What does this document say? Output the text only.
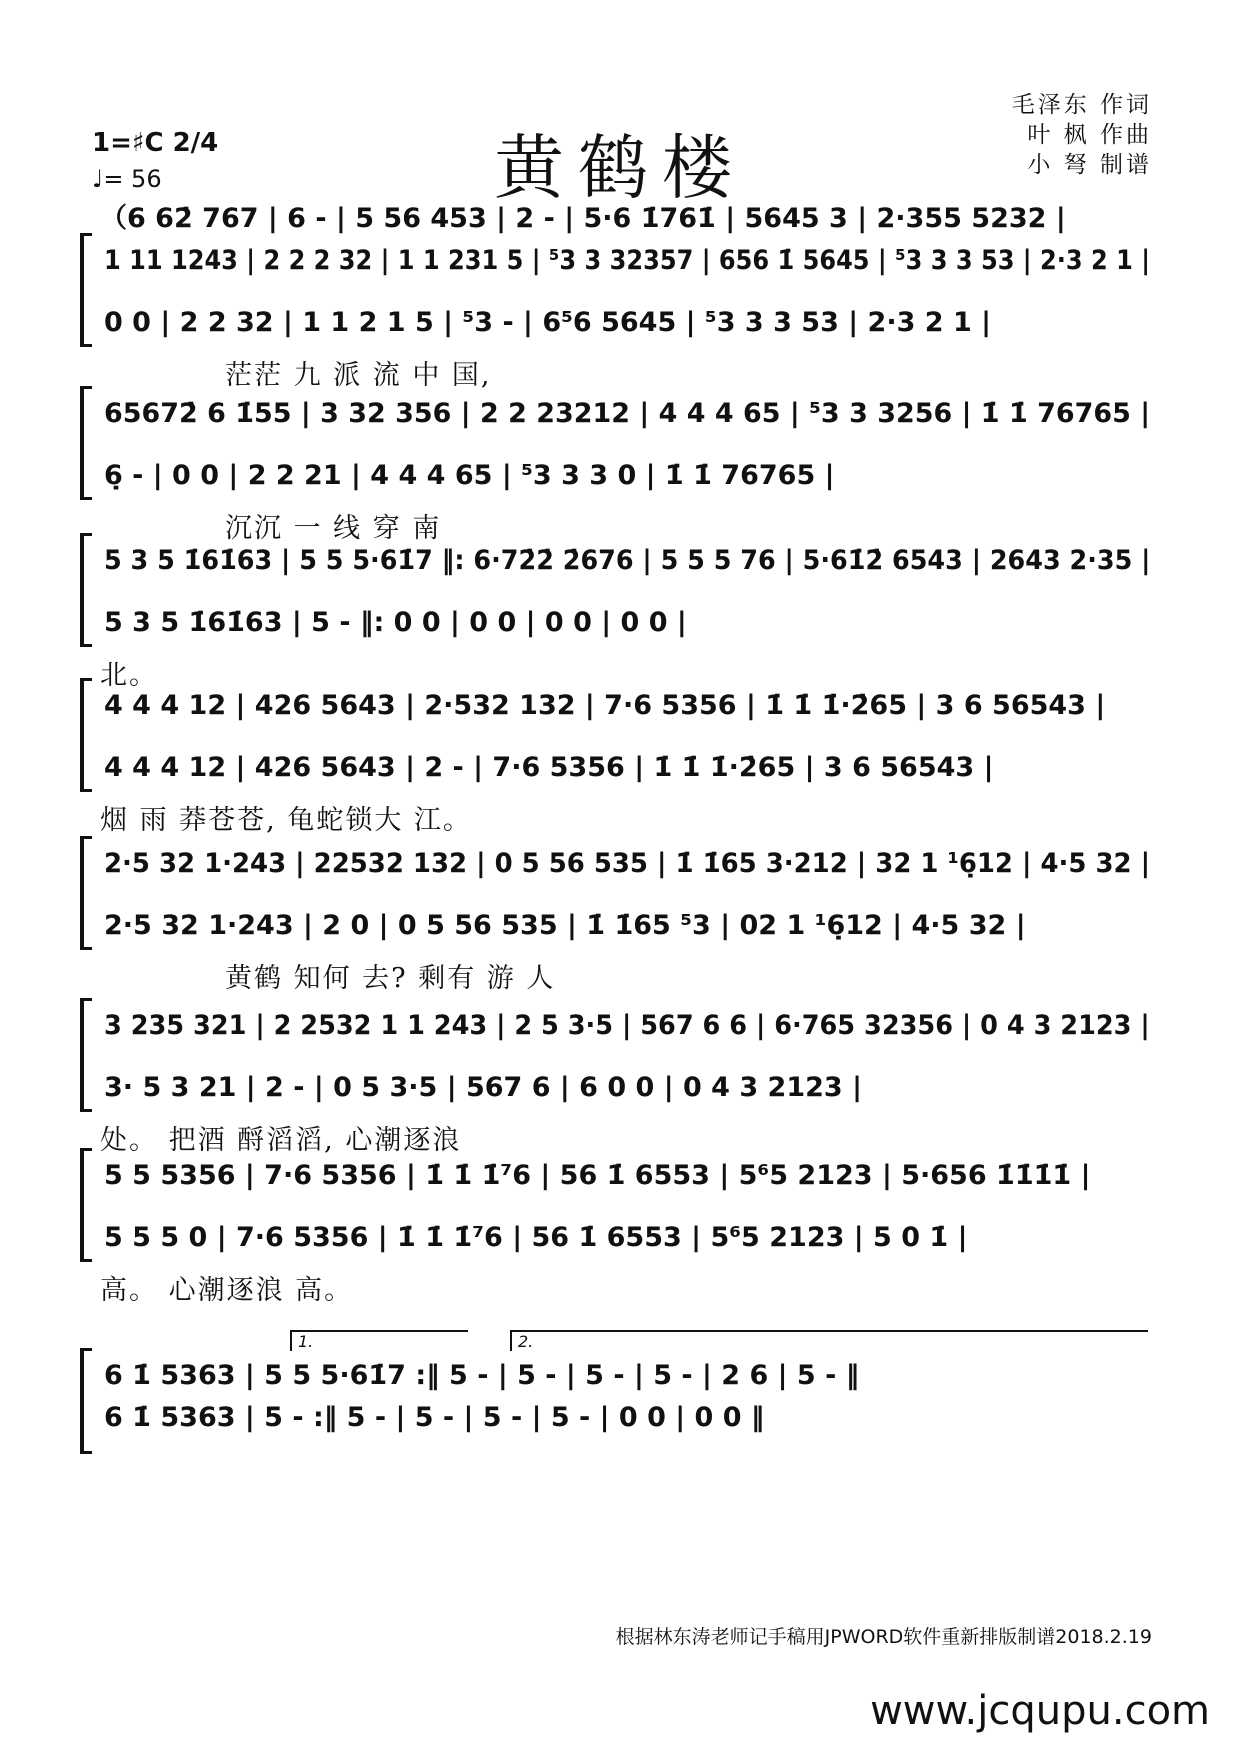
黄鹤楼
毛泽东 作词
叶 枫 作曲
小 弩 制谱
1=♯C 2/4
♩= 56
（6 62̇ 767 | 6 - | 5 56 453 | 2 - | 5·6 1̇761̇ | 5645 3 | 2·355 5232 |
1 11 1243 | 2 2 2 32 | 1 1 231 5 | ⁵3 3 32357 | 656 1̇ 5645 | ⁵3 3 3 53 | 2·3 2 1 |
0 0 | 2 2 32 | 1 1 2 1 5 | ⁵3 - | 6⁵6 5645 | ⁵3 3 3 53 | 2·3 2 1 |
茫茫 九 派 流 中 国,
65672̇ 6 1̇55 | 3 32 356 | 2 2 23212 | 4 4 4 65 | ⁵3 3 3256 | 1̇ 1̇ 76765 |
6̣ - | 0 0 | 2 2 21 | 4 4 4 65 | ⁵3 3 3 0 | 1̇ 1̇ 76765 |
沉沉 一 线 穿 南
5 3 5 1̇61̇63 | 5 5 5·61̇7 ‖: 6·72̇2̇ 2̇676 | 5 5 5 76 | 5·61̇2̇ 6543 | 2643 2·35 |
5 3 5 1̇61̇63 | 5 - ‖: 0 0 | 0 0 | 0 0 | 0 0 |
北。
4 4 4 12 | 426 5643 | 2·532 132 | 7·6 5356 | 1̇ 1̇ 1̇·2̇65 | 3 6 56543 |
4 4 4 12 | 426 5643 | 2 - | 7·6 5356 | 1̇ 1̇ 1̇·2̇65 | 3 6 56543 |
烟 雨 莽苍苍, 龟蛇锁大 江。
2·5 32 1·243 | 22532 132 | 0 5 56 535 | 1̇ 1̇65 3·212 | 32 1 ¹6̣12 | 4·5 32 |
2·5 32 1·243 | 2 0 | 0 5 56 535 | 1̇ 1̇65 ⁵3 | 02 1 ¹6̣12 | 4·5 32 |
黄鹤 知何 去? 剩有 游 人
3 235 321 | 2 2532 1 1 243 | 2 5 3·5 | 567 6 6 | 6·765 32356 | 0 4 3 2123 |
3· 5 3 21 | 2 - | 0 5 3·5 | 567 6 | 6 0 0 | 0 4 3 2123 |
处。 把酒 酹滔滔, 心潮逐浪
5 5 5356 | 7·6 5356 | 1̇ 1̇ 1̇⁷6 | 56 1̇ 6553 | 5⁶5 2123 | 5·656 1̇1̇1̇1̇ |
5 5 5 0 | 7·6 5356 | 1̇ 1̇ 1̇⁷6 | 56 1̇ 6553 | 5⁶5 2123 | 5 0 1̇ |
高。 心潮逐浪 高。
6 1̇ 5363 | 5 5 5·61̇7 :‖ 5 - | 5 - | 5 - | 5 - | 2 6 | 5 - ‖
6 1̇ 5363 | 5 - :‖ 5 - | 5 - | 5 - | 5 - | 0 0 | 0 0 ‖
1.	2.
根据林东涛老师记手稿用JPWORD软件重新排版制谱2018.2.19
www.jcqupu.com
